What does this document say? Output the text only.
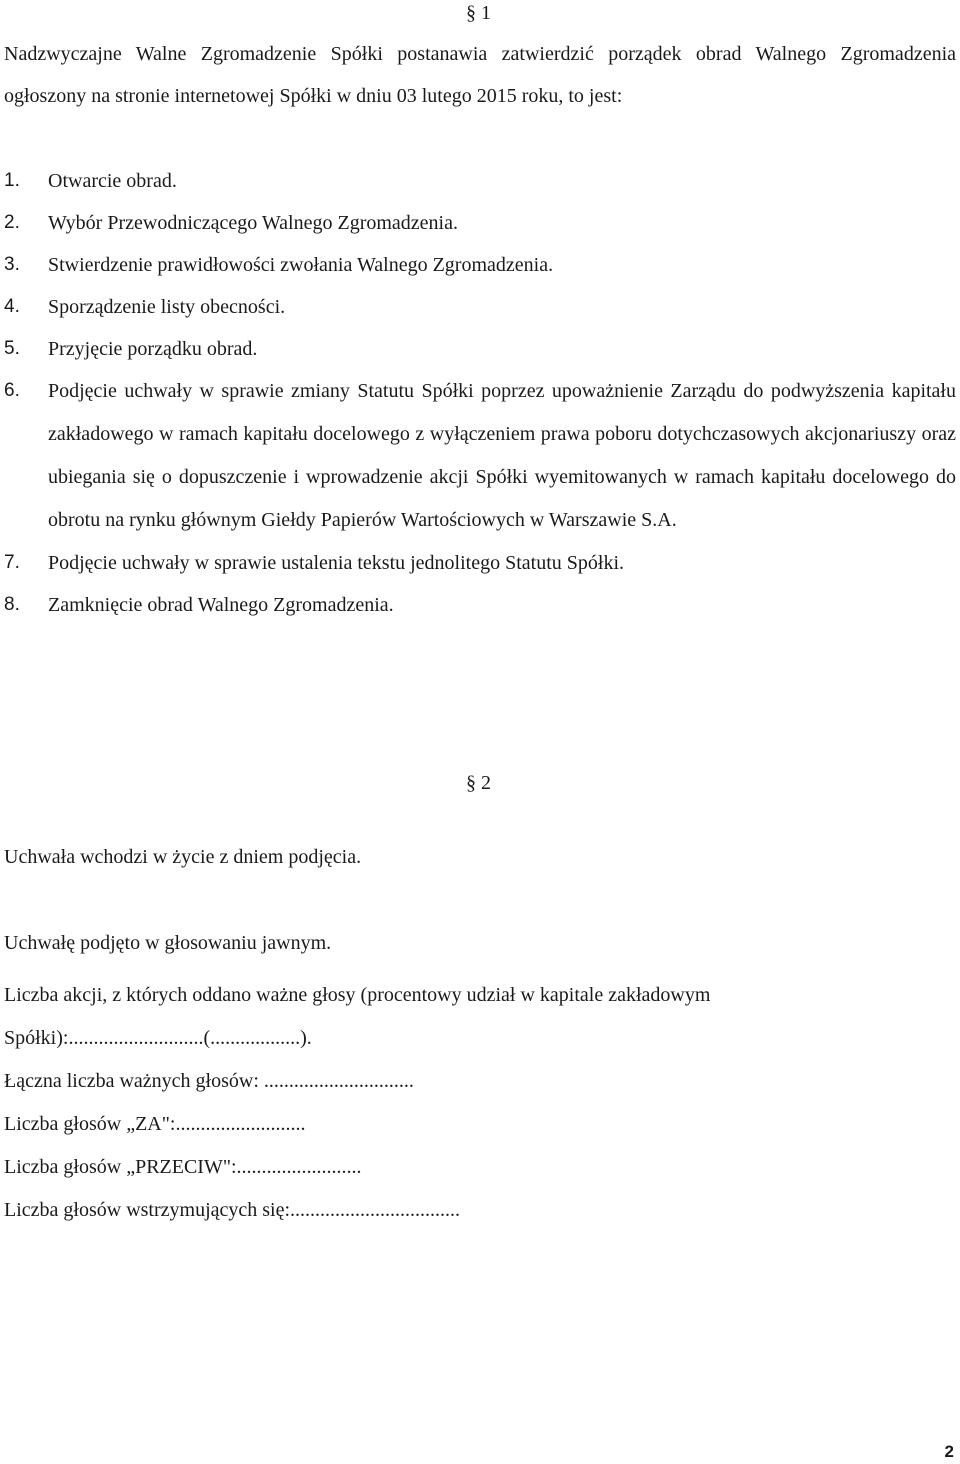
§ 1

Nadzwyczajne Walne Zgromadzenie Spółki postanawia zatwierdzić porządek obrad Walnego Zgromadzenia ogłoszony na stronie internetowej Spółki w dniu 03 lutego 2015 roku, to jest:

1. Otwarcie obrad.
2. Wybór Przewodniczącego Walnego Zgromadzenia.
3. Stwierdzenie prawidłowości zwołania Walnego Zgromadzenia.
4. Sporządzenie listy obecności.
5. Przyjęcie porządku obrad.
6. Podjęcie uchwały w sprawie zmiany Statutu Spółki poprzez upoważnienie Zarządu do podwyższenia kapitału zakładowego w ramach kapitału docelowego z wyłączeniem prawa poboru dotychczasowych akcjonariuszy oraz ubiegania się o dopuszczenie i wprowadzenie akcji Spółki wyemitowanych w ramach kapitału docelowego do obrotu na rynku głównym Giełdy Papierów Wartościowych w Warszawie S.A.
7. Podjęcie uchwały w sprawie ustalenia tekstu jednolitego Statutu Spółki.
8. Zamknięcie obrad Walnego Zgromadzenia.
§ 2
Uchwała wchodzi w życie z dniem podjęcia.
Uchwałę podjęto w głosowaniu jawnym.
Liczba akcji, z których oddano ważne głosy (procentowy udział w kapitale zakładowym
Spółki):...........................(..................).
Łączna liczba ważnych głosów: ..............................
Liczba głosów „ZA":..........................
Liczba głosów „PRZECIW":.........................
Liczba głosów wstrzymujących się:..................................
2
